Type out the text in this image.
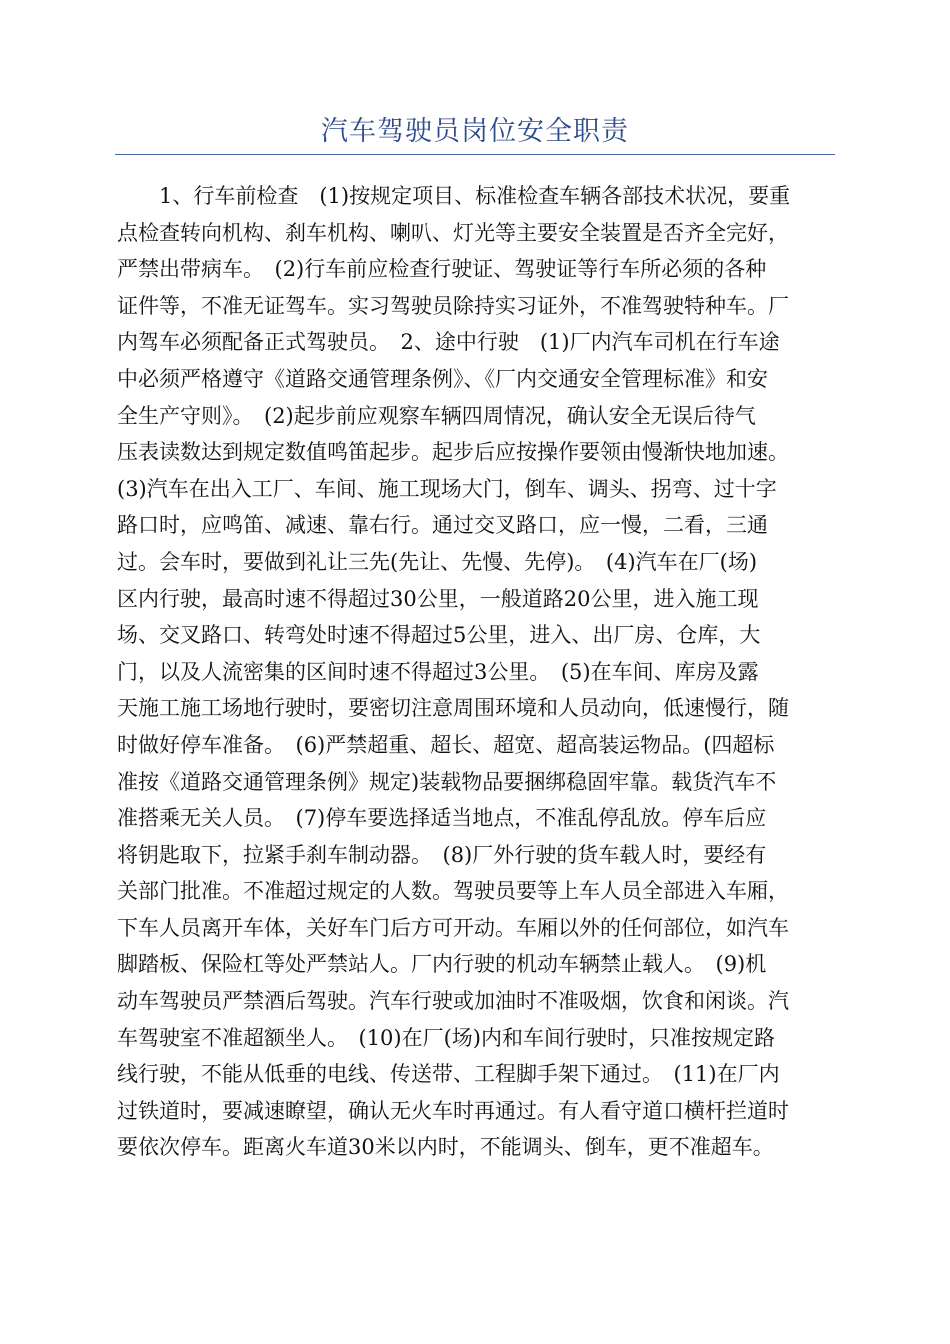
汽车驾驶员岗位安全职责
1、行车前检查　(1)按规定项目、标准检查车辆各部技术状况，要重
点检查转向机构、刹车机构、喇叭、灯光等主要安全装置是否齐全完好，
严禁出带病车。　(2)行车前应检查行驶证、驾驶证等行车所必须的各种
证件等，不准无证驾车。实习驾驶员除持实习证外，不准驾驶特种车。厂
内驾车必须配备正式驾驶员。　2、途中行驶　(1)厂内汽车司机在行车途
中必须严格遵守《道路交通管理条例》、《厂内交通安全管理标准》和安
全生产守则》。　(2)起步前应观察车辆四周情况，确认安全无误后待气
压表读数达到规定数值鸣笛起步。起步后应按操作要领由慢渐快地加速。
(3)汽车在出入工厂、车间、施工现场大门，倒车、调头、拐弯、过十字
路口时，应鸣笛、减速、靠右行。通过交叉路口，应一慢，二看，三通
过。会车时，要做到礼让三先(先让、先慢、先停)。　(4)汽车在厂(场)
区内行驶，最高时速不得超过30公里，一般道路20公里，进入施工现
场、交叉路口、转弯处时速不得超过5公里，进入、出厂房、仓库，大
门，以及人流密集的区间时速不得超过3公里。　(5)在车间、库房及露
天施工施工场地行驶时，要密切注意周围环境和人员动向，低速慢行，随
时做好停车准备。　(6)严禁超重、超长、超宽、超高装运物品。(四超标
准按《道路交通管理条例》规定)装载物品要捆绑稳固牢靠。载货汽车不
准搭乘无关人员。　(7)停车要选择适当地点，不准乱停乱放。停车后应
将钥匙取下，拉紧手刹车制动器。　(8)厂外行驶的货车载人时，要经有
关部门批准。不准超过规定的人数。驾驶员要等上车人员全部进入车厢，
下车人员离开车体，关好车门后方可开动。车厢以外的任何部位，如汽车
脚踏板、保险杠等处严禁站人。厂内行驶的机动车辆禁止载人。　(9)机
动车驾驶员严禁酒后驾驶。汽车行驶或加油时不准吸烟，饮食和闲谈。汽
车驾驶室不准超额坐人。　(10)在厂(场)内和车间行驶时，只准按规定路
线行驶，不能从低垂的电线、传送带、工程脚手架下通过。　(11)在厂内
过铁道时，要减速瞭望，确认无火车时再通过。有人看守道口横杆拦道时
要依次停车。距离火车道30米以内时，不能调头、倒车，更不准超车。
